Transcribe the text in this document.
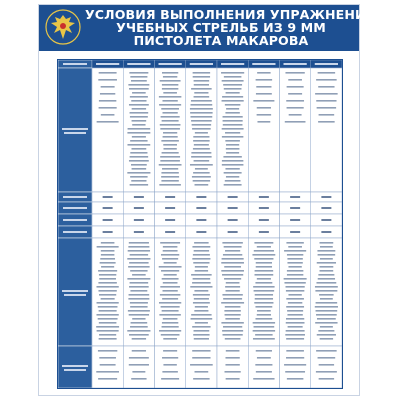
УСЛОВИЯ ВЫПОЛНЕНИЯ УПРАЖНЕНИЙ
УЧЕБНЫХ СТРЕЛЬБ ИЗ 9 ММ
ПИСТОЛЕТА МАКАРОВА
